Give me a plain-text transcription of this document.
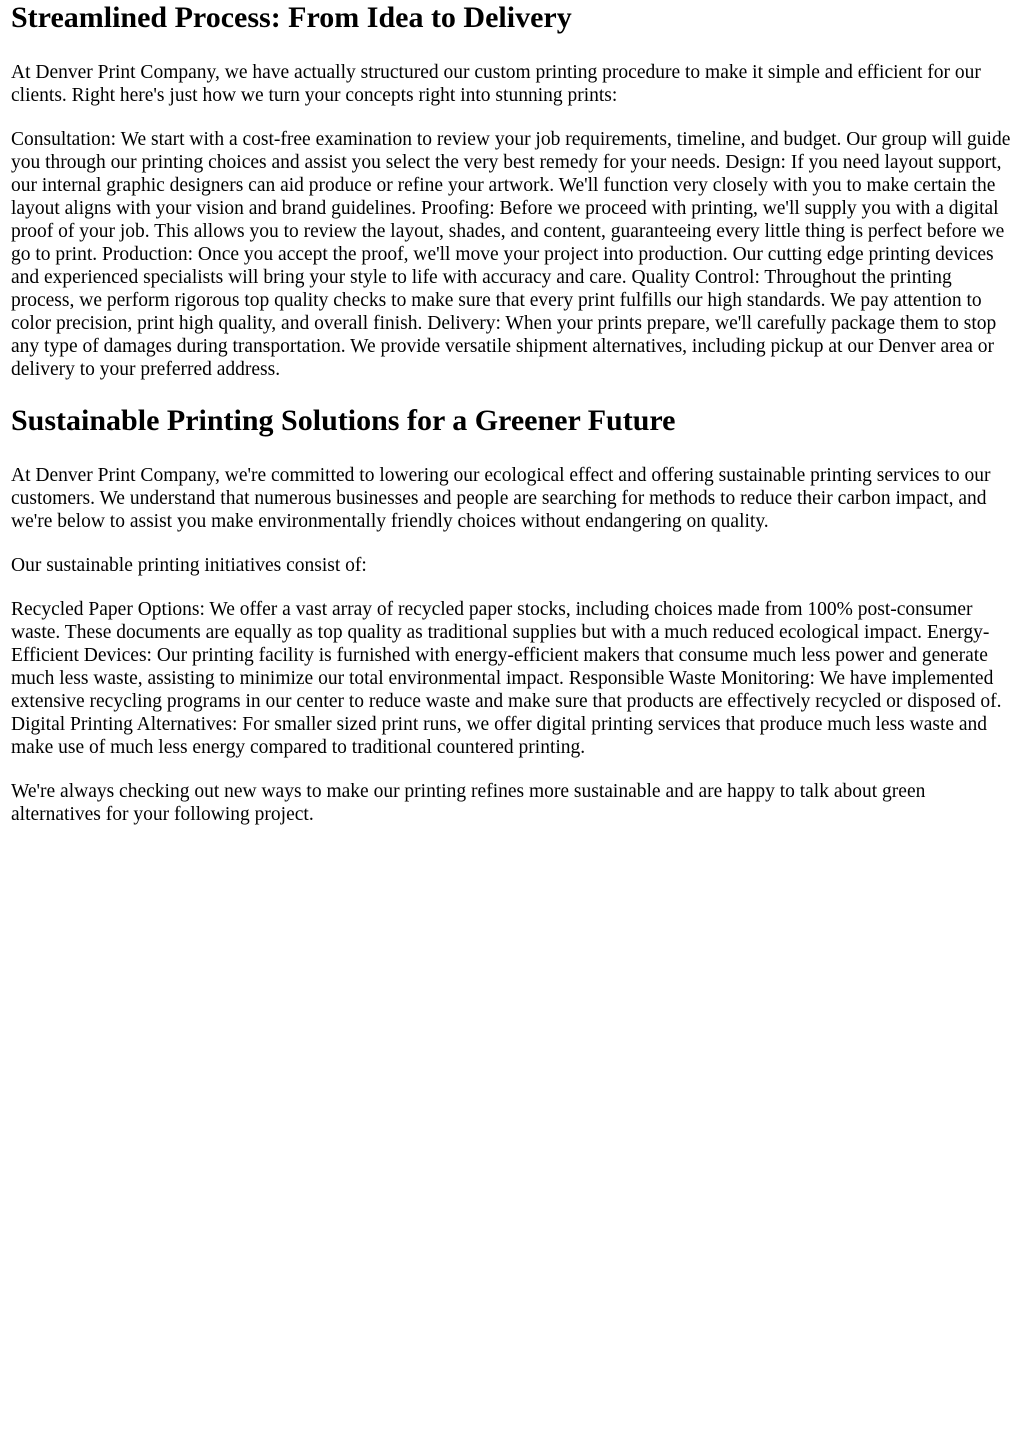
Streamlined Process: From Idea to Delivery

At Denver Print Company, we have actually structured our custom printing procedure to make it simple and efficient for our clients. Right here's just how we turn your concepts right into stunning prints:

Consultation: We start with a cost-free examination to review your job requirements, timeline, and budget. Our group will guide you through our printing choices and assist you select the very best remedy for your needs. Design: If you need layout support, our internal graphic designers can aid produce or refine your artwork. We'll function very closely with you to make certain the layout aligns with your vision and brand guidelines. Proofing: Before we proceed with printing, we'll supply you with a digital proof of your job. This allows you to review the layout, shades, and content, guaranteeing every little thing is perfect before we go to print. Production: Once you accept the proof, we'll move your project into production. Our cutting edge printing devices and experienced specialists will bring your style to life with accuracy and care. Quality Control: Throughout the printing process, we perform rigorous top quality checks to make sure that every print fulfills our high standards. We pay attention to color precision, print high quality, and overall finish. Delivery: When your prints prepare, we'll carefully package them to stop any type of damages during transportation. We provide versatile shipment alternatives, including pickup at our Denver area or delivery to your preferred address.

Sustainable Printing Solutions for a Greener Future

At Denver Print Company, we're committed to lowering our ecological effect and offering sustainable printing services to our customers. We understand that numerous businesses and people are searching for methods to reduce their carbon impact, and we're below to assist you make environmentally friendly choices without endangering on quality.

Our sustainable printing initiatives consist of:

Recycled Paper Options: We offer a vast array of recycled paper stocks, including choices made from 100% post-consumer waste. These documents are equally as top quality as traditional supplies but with a much reduced ecological impact. Energy-Efficient Devices: Our printing facility is furnished with energy-efficient makers that consume much less power and generate much less waste, assisting to minimize our total environmental impact. Responsible Waste Monitoring: We have implemented extensive recycling programs in our center to reduce waste and make sure that products are effectively recycled or disposed of. Digital Printing Alternatives: For smaller sized print runs, we offer digital printing services that produce much less waste and make use of much less energy compared to traditional countered printing.

We're always checking out new ways to make our printing refines more sustainable and are happy to talk about green alternatives for your following project.
